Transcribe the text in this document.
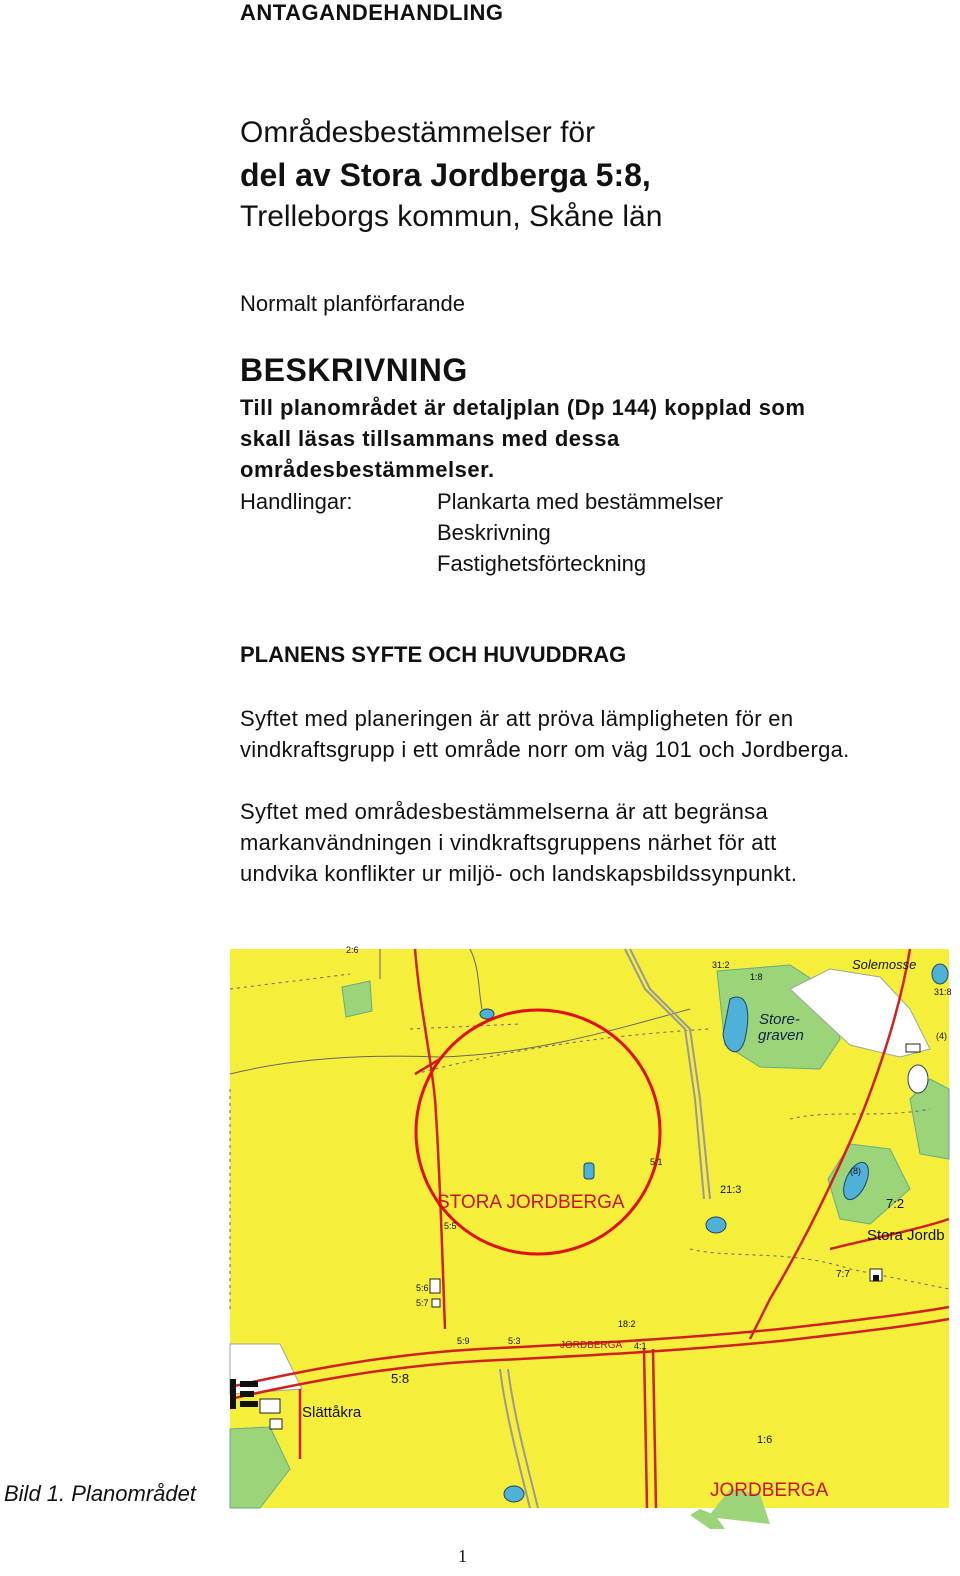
ANTAGANDEHANDLING
Områdesbestämmelser för
del av Stora Jordberga 5:8,
Trelleborgs kommun, Skåne län
Normalt planförfarande
BESKRIVNING
Till planområdet är detaljplan (Dp 144) kopplad som
skall läsas tillsammans med dessa
områdesbestämmelser.
Handlingar:	Plankarta med bestämmelser
Beskrivning
Fastighetsförteckning
PLANENS SYFTE OCH HUVUDDRAG
Syftet med planeringen är att pröva lämpligheten för en
vindkraftsgrupp i ett område norr om väg 101 och Jordberga.
Syftet med områdesbestämmelserna är att begränsa
markanvändningen i vindkraftsgruppens närhet för att
undvika konflikter ur miljö- och landskapsbildssynpunkt.
STORA JORDBERGA
JORDBERGA
JORDBERGA
Stora Jordb
Store-
graven
Solemosse
Slättåkra
5:8
21:3
7:2
7:7
1:6
2:6
31:2
5:5
5:3
5:9
5:1
5:6
5:7
18:2
4:1
31:8
1:8
(8)
(4)
Bild 1. Planområdet
1
